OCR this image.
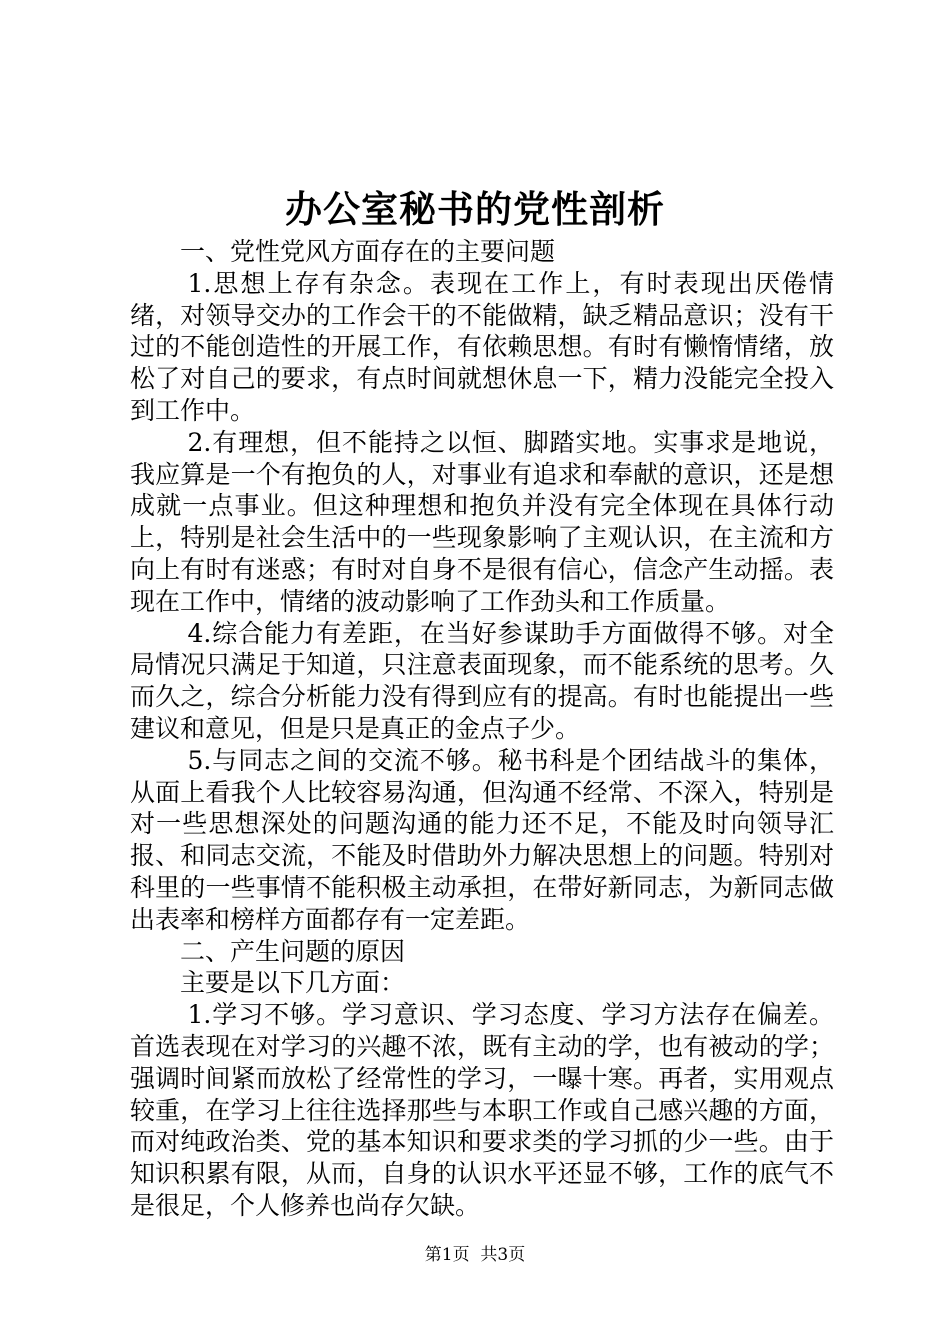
办公室秘书的党性剖析

一、党性党风方面存在的主要问题

1.思想上存有杂念。表现在工作上，有时表现出厌倦情绪，对领导交办的工作会干的不能做精，缺乏精品意识；没有干过的不能创造性的开展工作，有依赖思想。有时有懒惰情绪，放松了对自己的要求，有点时间就想休息一下，精力没能完全投入到工作中。

2.有理想，但不能持之以恒、脚踏实地。实事求是地说，我应算是一个有抱负的人，对事业有追求和奉献的意识，还是想成就一点事业。但这种理想和抱负并没有完全体现在具体行动上，特别是社会生活中的一些现象影响了主观认识，在主流和方向上有时有迷惑；有时对自身不是很有信心，信念产生动摇。表现在工作中，情绪的波动影响了工作劲头和工作质量。

4.综合能力有差距，在当好参谋助手方面做得不够。对全局情况只满足于知道，只注意表面现象，而不能系统的思考。久而久之，综合分析能力没有得到应有的提高。有时也能提出一些建议和意见，但是只是真正的金点子少。

5.与同志之间的交流不够。秘书科是个团结战斗的集体，从面上看我个人比较容易沟通，但沟通不经常、不深入，特别是对一些思想深处的问题沟通的能力还不足，不能及时向领导汇报、和同志交流，不能及时借助外力解决思想上的问题。特别对科里的一些事情不能积极主动承担，在带好新同志，为新同志做出表率和榜样方面都存有一定差距。

二、产生问题的原因

主要是以下几方面：

1.学习不够。学习意识、学习态度、学习方法存在偏差。首选表现在对学习的兴趣不浓，既有主动的学，也有被动的学；强调时间紧而放松了经常性的学习，一曝十寒。再者，实用观点较重，在学习上往往选择那些与本职工作或自己感兴趣的方面，而对纯政治类、党的基本知识和要求类的学习抓的少一些。由于知识积累有限，从而，自身的认识水平还显不够，工作的底气不是很足，个人修养也尚存欠缺。

第1页 共3页
